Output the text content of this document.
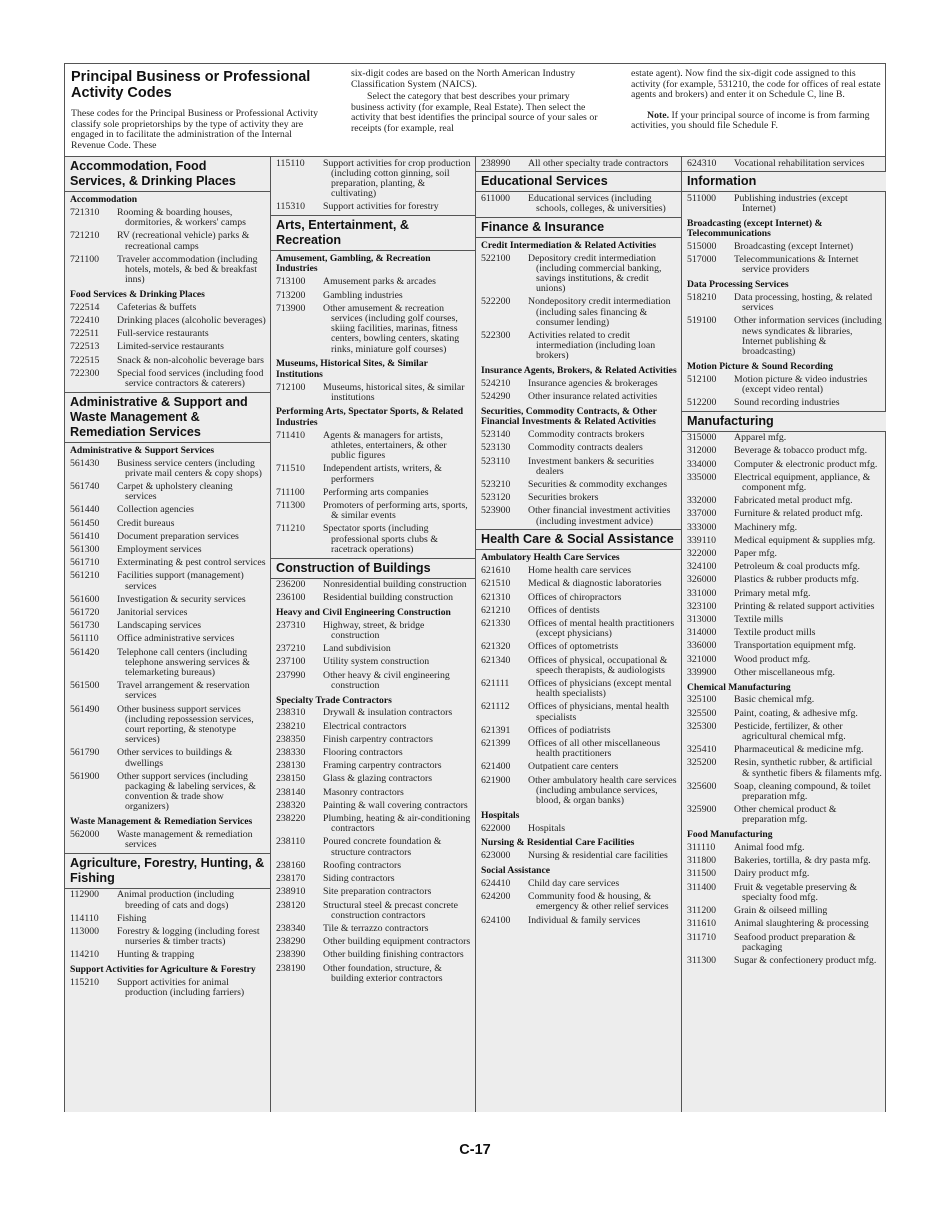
Principal Business or Professional Activity Codes

These codes for the Principal Business or Professional Activity classify sole proprietorships by the type of activity they are engaged in to facilitate the administration of the Internal Revenue Code. These

six-digit codes are based on the North American Industry Classification System (NAICS).

Select the category that best describes your primary business activity (for example, Real Estate). Then select the activity that best identifies the principal source of your sales or receipts (for example, real

estate agent). Now find the six-digit code assigned to this activity (for example, 531210, the code for offices of real estate agents and brokers) and enter it on Schedule C, line B.

Note. If your principal source of income is from farming activities, you should file Schedule F.

Accommodation, Food Services, & Drinking Places
Accommodation
721310	Rooming & boarding houses, dormitories, & workers' camps
721210	RV (recreational vehicle) parks & recreational camps
721100	Traveler accommodation (including hotels, motels, & bed & breakfast inns)
Food Services & Drinking Places
722514	Cafeterias & buffets
722410	Drinking places (alcoholic beverages)
722511	Full-service restaurants
722513	Limited-service restaurants
722515	Snack & non-alcoholic beverage bars
722300	Special food services (including food service contractors & caterers)
Administrative & Support and Waste Management & Remediation Services
Administrative & Support Services
561430	Business service centers (including private mail centers & copy shops)
561740	Carpet & upholstery cleaning services
561440	Collection agencies
561450	Credit bureaus
561410	Document preparation services
561300	Employment services
561710	Exterminating & pest control services
561210	Facilities support (management) services
561600	Investigation & security services
561720	Janitorial services
561730	Landscaping services
561110	Office administrative services
561420	Telephone call centers (including telephone answering services & telemarketing bureaus)
561500	Travel arrangement & reservation services
561490	Other business support services (including repossession services, court reporting, & stenotype services)
561790	Other services to buildings & dwellings
561900	Other support services (including packaging & labeling services, & convention & trade show organizers)
Waste Management & Remediation Services
562000	Waste management & remediation services
Agriculture, Forestry, Hunting, & Fishing
112900	Animal production (including breeding of cats and dogs)
114110	Fishing
113000	Forestry & logging (including forest nurseries & timber tracts)
114210	Hunting & trapping
Support Activities for Agriculture & Forestry
115210	Support activities for animal production (including farriers)
115110	Support activities for crop production (including cotton ginning, soil preparation, planting, & cultivating)
115310	Support activities for forestry
Arts, Entertainment, & Recreation
Amusement, Gambling, & Recreation Industries
713100	Amusement parks & arcades
713200	Gambling industries
713900	Other amusement & recreation services (including golf courses, skiing facilities, marinas, fitness centers, bowling centers, skating rinks, miniature golf courses)
Museums, Historical Sites, & Similar Institutions
712100	Museums, historical sites, & similar institutions
Performing Arts, Spectator Sports, & Related Industries
711410	Agents & managers for artists, athletes, entertainers, & other public figures
711510	Independent artists, writers, & performers
711100	Performing arts companies
711300	Promoters of performing arts, sports, & similar events
711210	Spectator sports (including professional sports clubs & racetrack operations)
Construction of Buildings
236200	Nonresidential building construction
236100	Residential building construction
Heavy and Civil Engineering Construction
237310	Highway, street, & bridge construction
237210	Land subdivision
237100	Utility system construction
237990	Other heavy & civil engineering construction
Specialty Trade Contractors
238310	Drywall & insulation contractors
238210	Electrical contractors
238350	Finish carpentry contractors
238330	Flooring contractors
238130	Framing carpentry contractors
238150	Glass & glazing contractors
238140	Masonry contractors
238320	Painting & wall covering contractors
238220	Plumbing, heating & air-conditioning contractors
238110	Poured concrete foundation & structure contractors
238160	Roofing contractors
238170	Siding contractors
238910	Site preparation contractors
238120	Structural steel & precast concrete construction contractors
238340	Tile & terrazzo contractors
238290	Other building equipment contractors
238390	Other building finishing contractors
238190	Other foundation, structure, & building exterior contractors
238990	All other specialty trade contractors
Educational Services
611000	Educational services (including schools, colleges, & universities)
Finance & Insurance
Credit Intermediation & Related Activities
522100	Depository credit intermediation (including commercial banking, savings institutions, & credit unions)
522200	Nondepository credit intermediation (including sales financing & consumer lending)
522300	Activities related to credit intermediation (including loan brokers)
Insurance Agents, Brokers, & Related Activities
524210	Insurance agencies & brokerages
524290	Other insurance related activities
Securities, Commodity Contracts, & Other Financial Investments & Related Activities
523140	Commodity contracts brokers
523130	Commodity contracts dealers
523110	Investment bankers & securities dealers
523210	Securities & commodity exchanges
523120	Securities brokers
523900	Other financial investment activities (including investment advice)
Health Care & Social Assistance
Ambulatory Health Care Services
621610	Home health care services
621510	Medical & diagnostic laboratories
621310	Offices of chiropractors
621210	Offices of dentists
621330	Offices of mental health practitioners (except physicians)
621320	Offices of optometrists
621340	Offices of physical, occupational & speech therapists, & audiologists
621111	Offices of physicians (except mental health specialists)
621112	Offices of physicians, mental health specialists
621391	Offices of podiatrists
621399	Offices of all other miscellaneous health practitioners
621400	Outpatient care centers
621900	Other ambulatory health care services (including ambulance services, blood, & organ banks)
Hospitals
622000	Hospitals
Nursing & Residential Care Facilities
623000	Nursing & residential care facilities
Social Assistance
624410	Child day care services
624200	Community food & housing, & emergency & other relief services
624100	Individual & family services
624310	Vocational rehabilitation services
Information
511000	Publishing industries (except Internet)
Broadcasting (except Internet) & Telecommunications
515000	Broadcasting (except Internet)
517000	Telecommunications & Internet service providers
Data Processing Services
518210	Data processing, hosting, & related services
519100	Other information services (including news syndicates & libraries, Internet publishing & broadcasting)
Motion Picture & Sound Recording
512100	Motion picture & video industries (except video rental)
512200	Sound recording industries
Manufacturing
315000	Apparel mfg.
312000	Beverage & tobacco product mfg.
334000	Computer & electronic product mfg.
335000	Electrical equipment, appliance, & component mfg.
332000	Fabricated metal product mfg.
337000	Furniture & related product mfg.
333000	Machinery mfg.
339110	Medical equipment & supplies mfg.
322000	Paper mfg.
324100	Petroleum & coal products mfg.
326000	Plastics & rubber products mfg.
331000	Primary metal mfg.
323100	Printing & related support activities
313000	Textile mills
314000	Textile product mills
336000	Transportation equipment mfg.
321000	Wood product mfg.
339900	Other miscellaneous mfg.
Chemical Manufacturing
325100	Basic chemical mfg.
325500	Paint, coating, & adhesive mfg.
325300	Pesticide, fertilizer, & other agricultural chemical mfg.
325410	Pharmaceutical & medicine mfg.
325200	Resin, synthetic rubber, & artificial & synthetic fibers & filaments mfg.
325600	Soap, cleaning compound, & toilet preparation mfg.
325900	Other chemical product & preparation mfg.
Food Manufacturing
311110	Animal food mfg.
311800	Bakeries, tortilla, & dry pasta mfg.
311500	Dairy product mfg.
311400	Fruit & vegetable preserving & specialty food mfg.
311200	Grain & oilseed milling
311610	Animal slaughtering & processing
311710	Seafood product preparation & packaging
311300	Sugar & confectionery product mfg.
C-17
